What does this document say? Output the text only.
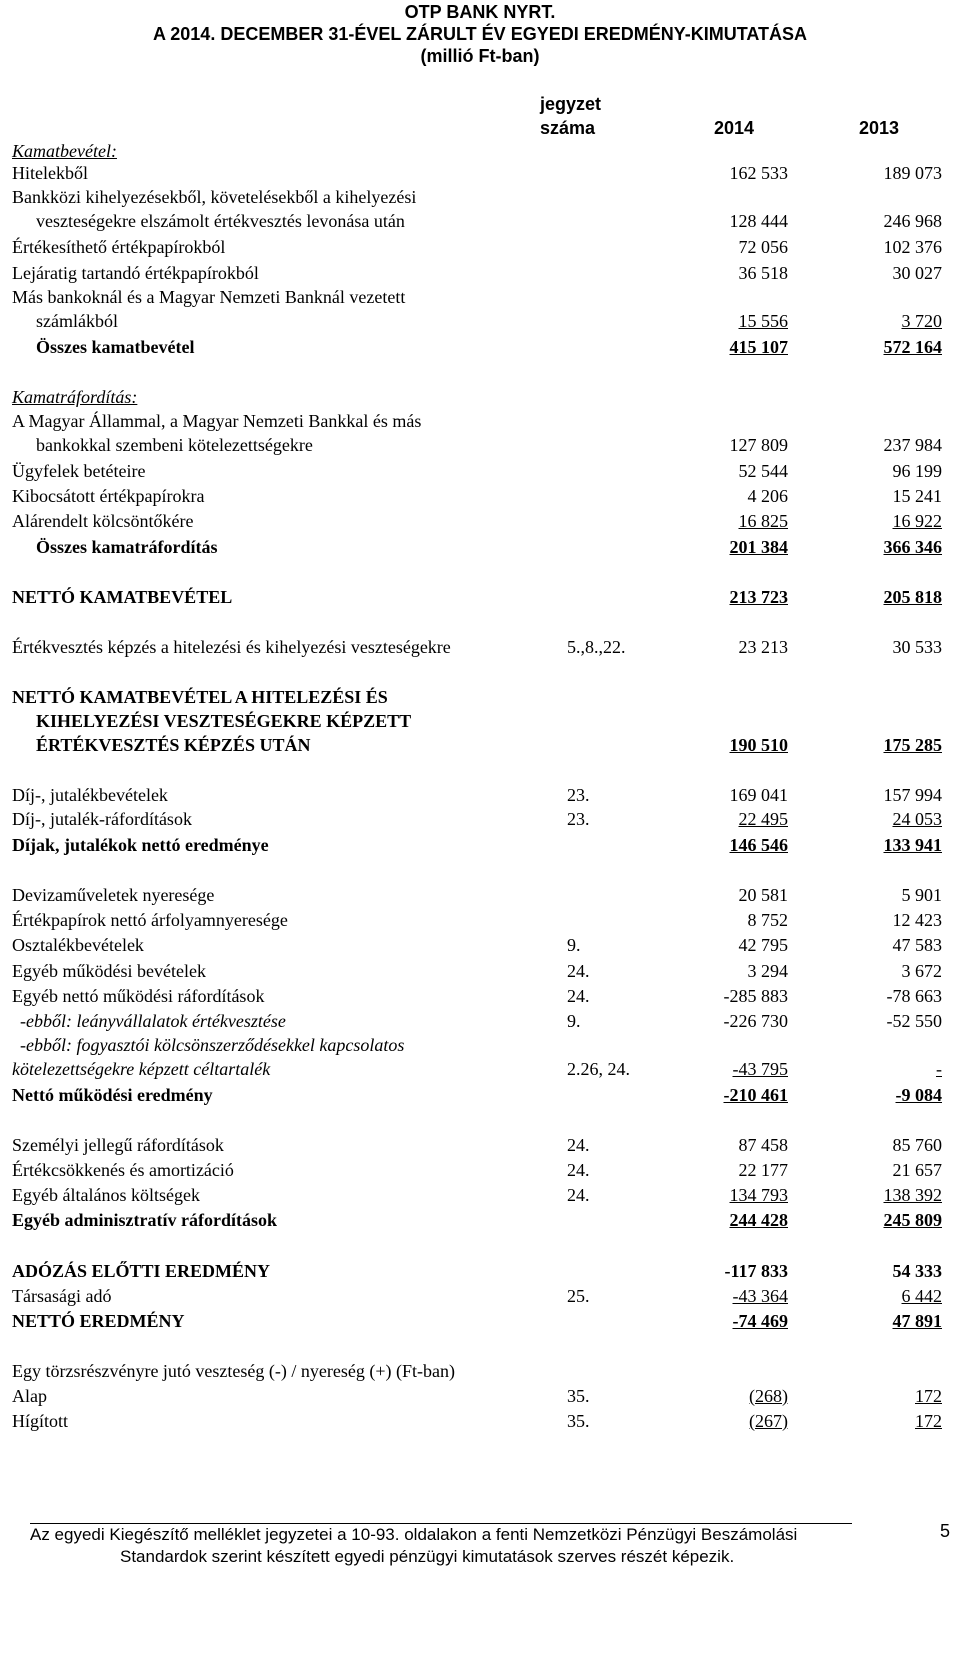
OTP BANK NYRT.
A 2014. DECEMBER 31-ÉVEL ZÁRULT ÉV EGYEDI EREDMÉNY-KIMUTATÁSA
(millió Ft-ban)
jegyzet
száma	2014	2013
Kamatbevétel:
Hitelekből	162 533	189 073
Bankközi kihelyezésekből, követelésekből a kihelyezési
veszteségekre elszámolt értékvesztés levonása után	128 444	246 968
Értékesíthető értékpapírokból	72 056	102 376
Lejáratig tartandó értékpapírokból	36 518	30 027
Más bankoknál és a Magyar Nemzeti Banknál vezetett
számlákból	15 556	3 720
Összes kamatbevétel	415 107	572 164
Kamatráfordítás:
A Magyar Állammal, a Magyar Nemzeti Bankkal és más
bankokkal szembeni kötelezettségekre	127 809	237 984
Ügyfelek betéteire	52 544	96 199
Kibocsátott értékpapírokra	4 206	15 241
Alárendelt kölcsöntőkére	16 825	16 922
Összes kamatráfordítás	201 384	366 346
NETTÓ KAMATBEVÉTEL	213 723	205 818
Értékvesztés képzés a hitelezési és kihelyezési veszteségekre	5.,8.,22.	23 213	30 533
NETTÓ KAMATBEVÉTEL A HITELEZÉSI ÉS
KIHELYEZÉSI VESZTESÉGEKRE KÉPZETT
ÉRTÉKVESZTÉS KÉPZÉS UTÁN	190 510	175 285
Díj-, jutalékbevételek	23.	169 041	157 994
Díj-, jutalék-ráfordítások	23.	22 495	24 053
Díjak, jutalékok nettó eredménye	146 546	133 941
Devizaműveletek nyeresége	20 581	5 901
Értékpapírok nettó árfolyamnyeresége	8 752	12 423
Osztalékbevételek	9.	42 795	47 583
Egyéb működési bevételek	24.	3 294	3 672
Egyéb nettó működési ráfordítások	24.	-285 883	-78 663
-ebből: leányvállalatok értékvesztése	9.	-226 730	-52 550
-ebből: fogyasztói kölcsönszerződésekkel kapcsolatos
kötelezettségekre képzett céltartalék	2.26, 24.	-43 795	-
Nettó működési eredmény	-210 461	-9 084
Személyi jellegű ráfordítások	24.	87 458	85 760
Értékcsökkenés és amortizáció	24.	22 177	21 657
Egyéb általános költségek	24.	134 793	138 392
Egyéb adminisztratív ráfordítások	244 428	245 809
ADÓZÁS ELŐTTI EREDMÉNY	-117 833	54 333
Társasági adó	25.	-43 364	6 442
NETTÓ EREDMÉNY	-74 469	47 891
Egy törzsrészvényre jutó veszteség (-) / nyereség (+) (Ft-ban)
Alap	35.	(268)	172
Hígított	35.	(267)	172
Az egyedi Kiegészítő melléklet jegyzetei a 10-93. oldalakon a fenti Nemzetközi Pénzügyi Beszámolási
Standardok szerint készített egyedi pénzügyi kimutatások szerves részét képezik.
5
